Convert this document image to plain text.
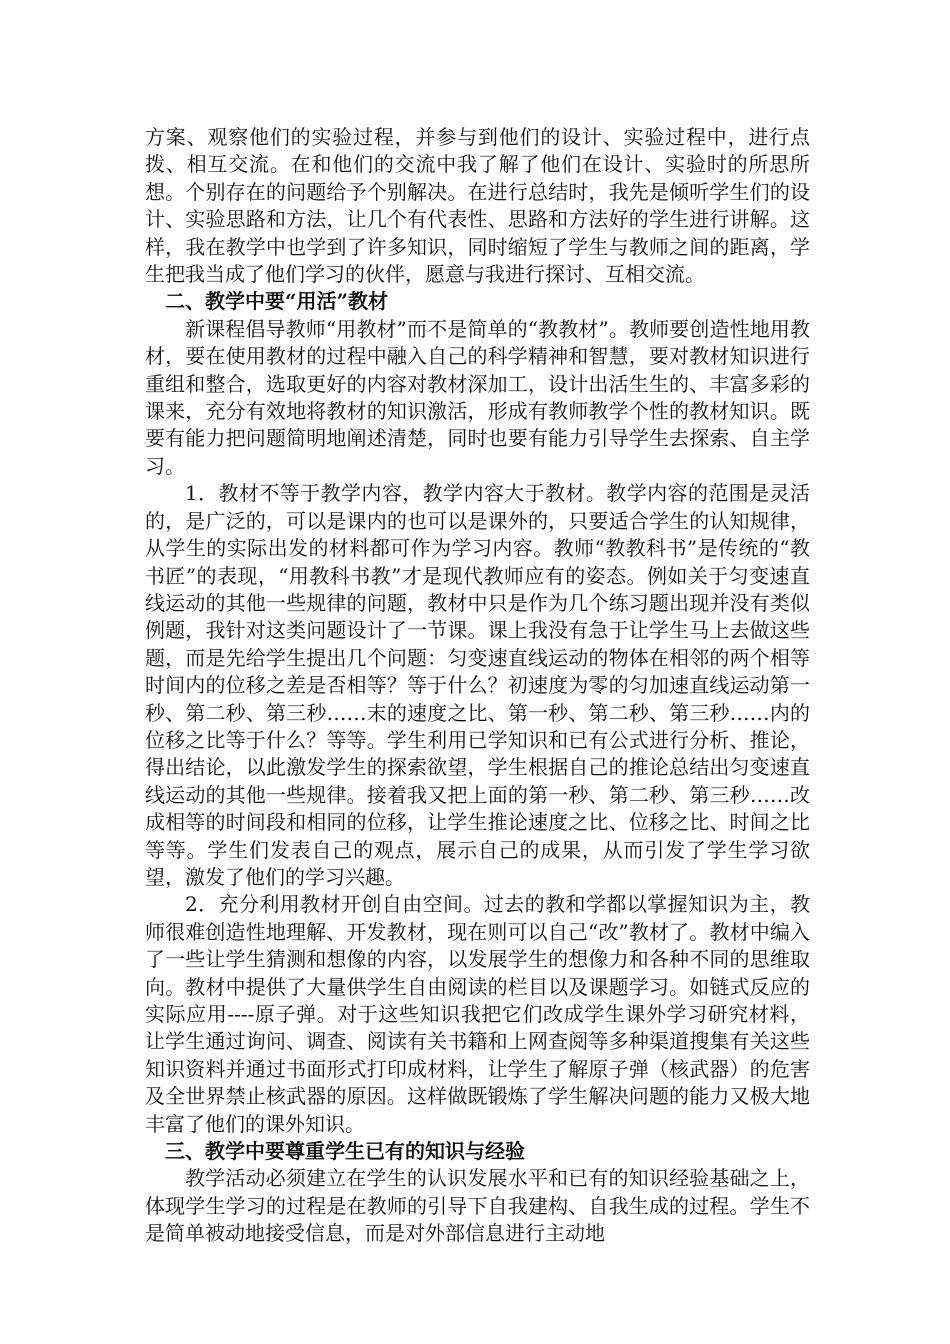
方案、观察他们的实验过程，并参与到他们的设计、实验过程中，进行点拨、相互交流。在和他们的交流中我了解了他们在设计、实验时的所思所想。个别存在的问题给予个别解决。在进行总结时，我先是倾听学生们的设计、实验思路和方法，让几个有代表性、思路和方法好的学生进行讲解。这样，我在教学中也学到了许多知识，同时缩短了学生与教师之间的距离，学生把我当成了他们学习的伙伴，愿意与我进行探讨、互相交流。

二、教学中要“用活”教材

新课程倡导教师“用教材”而不是简单的“教教材”。教师要创造性地用教材，要在使用教材的过程中融入自己的科学精神和智慧，要对教材知识进行重组和整合，选取更好的内容对教材深加工，设计出活生生的、丰富多彩的课来，充分有效地将教材的知识激活，形成有教师教学个性的教材知识。既要有能力把问题简明地阐述清楚，同时也要有能力引导学生去探索、自主学习。

1．教材不等于教学内容，教学内容大于教材。教学内容的范围是灵活的，是广泛的，可以是课内的也可以是课外的，只要适合学生的认知规律，从学生的实际出发的材料都可作为学习内容。教师“教教科书”是传统的“教书匠”的表现，“用教科书教”才是现代教师应有的姿态。例如关于匀变速直线运动的其他一些规律的问题，教材中只是作为几个练习题出现并没有类似例题，我针对这类问题设计了一节课。课上我没有急于让学生马上去做这些题，而是先给学生提出几个问题：匀变速直线运动的物体在相邻的两个相等时间内的位移之差是否相等？等于什么？初速度为零的匀加速直线运动第一秒、第二秒、第三秒……末的速度之比、第一秒、第二秒、第三秒……内的位移之比等于什么？等等。学生利用已学知识和已有公式进行分析、推论，得出结论，以此激发学生的探索欲望，学生根据自己的推论总结出匀变速直线运动的其他一些规律。接着我又把上面的第一秒、第二秒、第三秒……改成相等的时间段和相同的位移，让学生推论速度之比、位移之比、时间之比等等。学生们发表自己的观点，展示自己的成果，从而引发了学生学习欲望，激发了他们的学习兴趣。

2．充分利用教材开创自由空间。过去的教和学都以掌握知识为主，教师很难创造性地理解、开发教材，现在则可以自己“改”教材了。教材中编入了一些让学生猜测和想像的内容，以发展学生的想像力和各种不同的思维取向。教材中提供了大量供学生自由阅读的栏目以及课题学习。如链式反应的实际应用----原子弹。对于这些知识我把它们改成学生课外学习研究材料，让学生通过询问、调查、阅读有关书籍和上网查阅等多种渠道搜集有关这些知识资料并通过书面形式打印成材料，让学生了解原子弹（核武器）的危害及全世界禁止核武器的原因。这样做既锻炼了学生解决问题的能力又极大地丰富了他们的课外知识。

三、教学中要尊重学生已有的知识与经验

教学活动必须建立在学生的认识发展水平和已有的知识经验基础之上，体现学生学习的过程是在教师的引导下自我建构、自我生成的过程。学生不是简单被动地接受信息，而是对外部信息进行主动地
